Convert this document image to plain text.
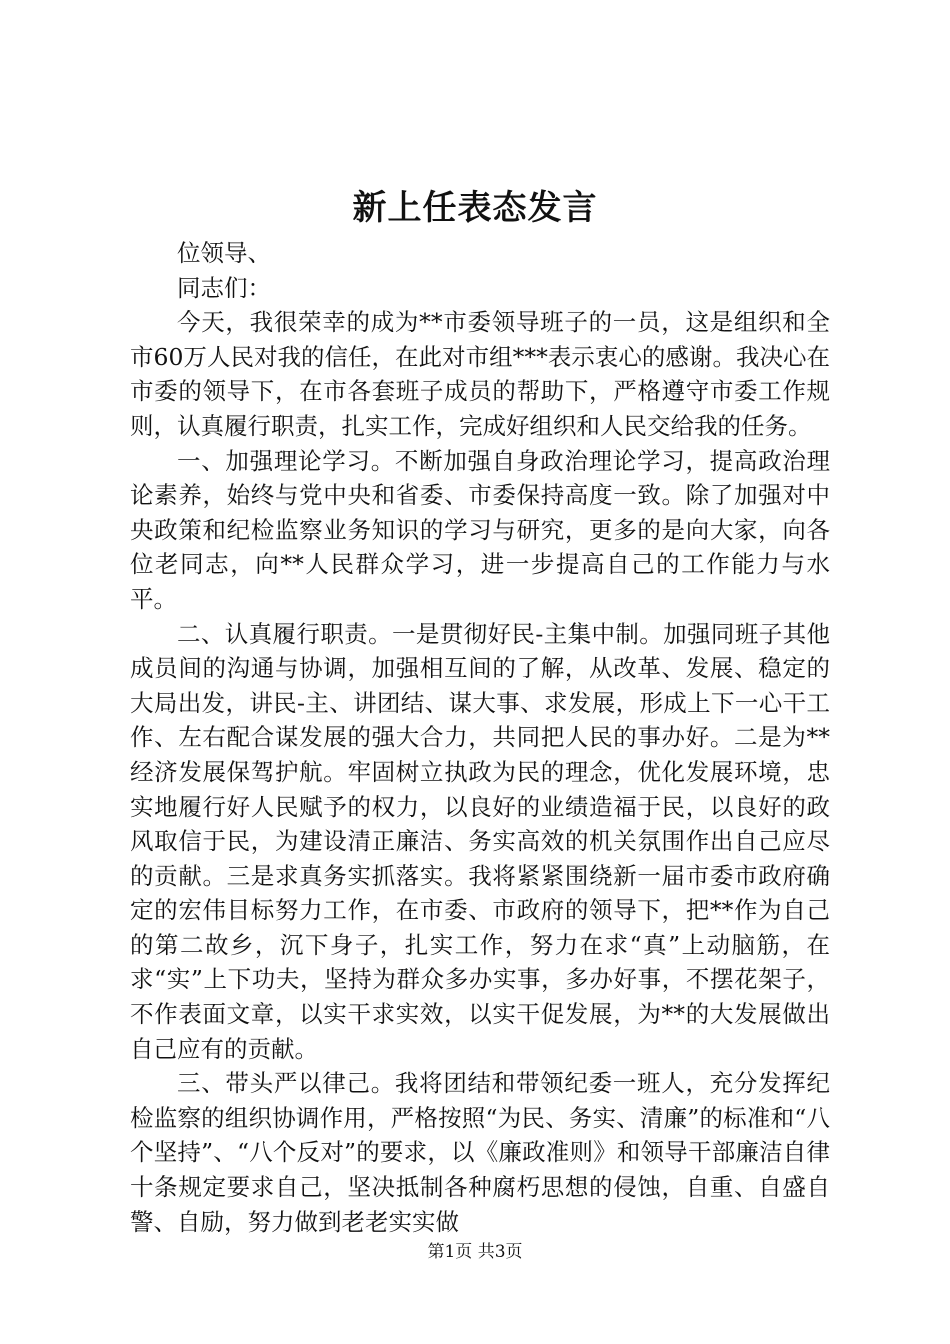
新上任表态发言

位领导、

同志们：

今天，我很荣幸的成为**市委领导班子的一员，这是组织和全市60万人民对我的信任，在此对市组***表示衷心的感谢。我决心在市委的领导下，在市各套班子成员的帮助下，严格遵守市委工作规则，认真履行职责，扎实工作，完成好组织和人民交给我的任务。

一、加强理论学习。不断加强自身政治理论学习，提高政治理论素养，始终与党中央和省委、市委保持高度一致。除了加强对中央政策和纪检监察业务知识的学习与研究，更多的是向大家，向各位老同志，向**人民群众学习，进一步提高自己的工作能力与水平。

二、认真履行职责。一是贯彻好民-主集中制。加强同班子其他成员间的沟通与协调，加强相互间的了解，从改革、发展、稳定的大局出发，讲民-主、讲团结、谋大事、求发展，形成上下一心干工作、左右配合谋发展的强大合力，共同把人民的事办好。二是为**经济发展保驾护航。牢固树立执政为民的理念，优化发展环境，忠实地履行好人民赋予的权力，以良好的业绩造福于民，以良好的政风取信于民，为建设清正廉洁、务实高效的机关氛围作出自己应尽的贡献。三是求真务实抓落实。我将紧紧围绕新一届市委市政府确定的宏伟目标努力工作，在市委、市政府的领导下，把**作为自己的第二故乡，沉下身子，扎实工作，努力在求“真”上动脑筋，在求“实”上下功夫，坚持为群众多办实事，多办好事，不摆花架子，不作表面文章，以实干求实效，以实干促发展，为**的大发展做出自己应有的贡献。

三、带头严以律己。我将团结和带领纪委一班人，充分发挥纪检监察的组织协调作用，严格按照“为民、务实、清廉”的标准和“八个坚持”、“八个反对”的要求，以《廉政准则》和领导干部廉洁自律十条规定要求自己，坚决抵制各种腐朽思想的侵蚀，自重、自盛自警、自励，努力做到老老实实做

第1页 共3页
